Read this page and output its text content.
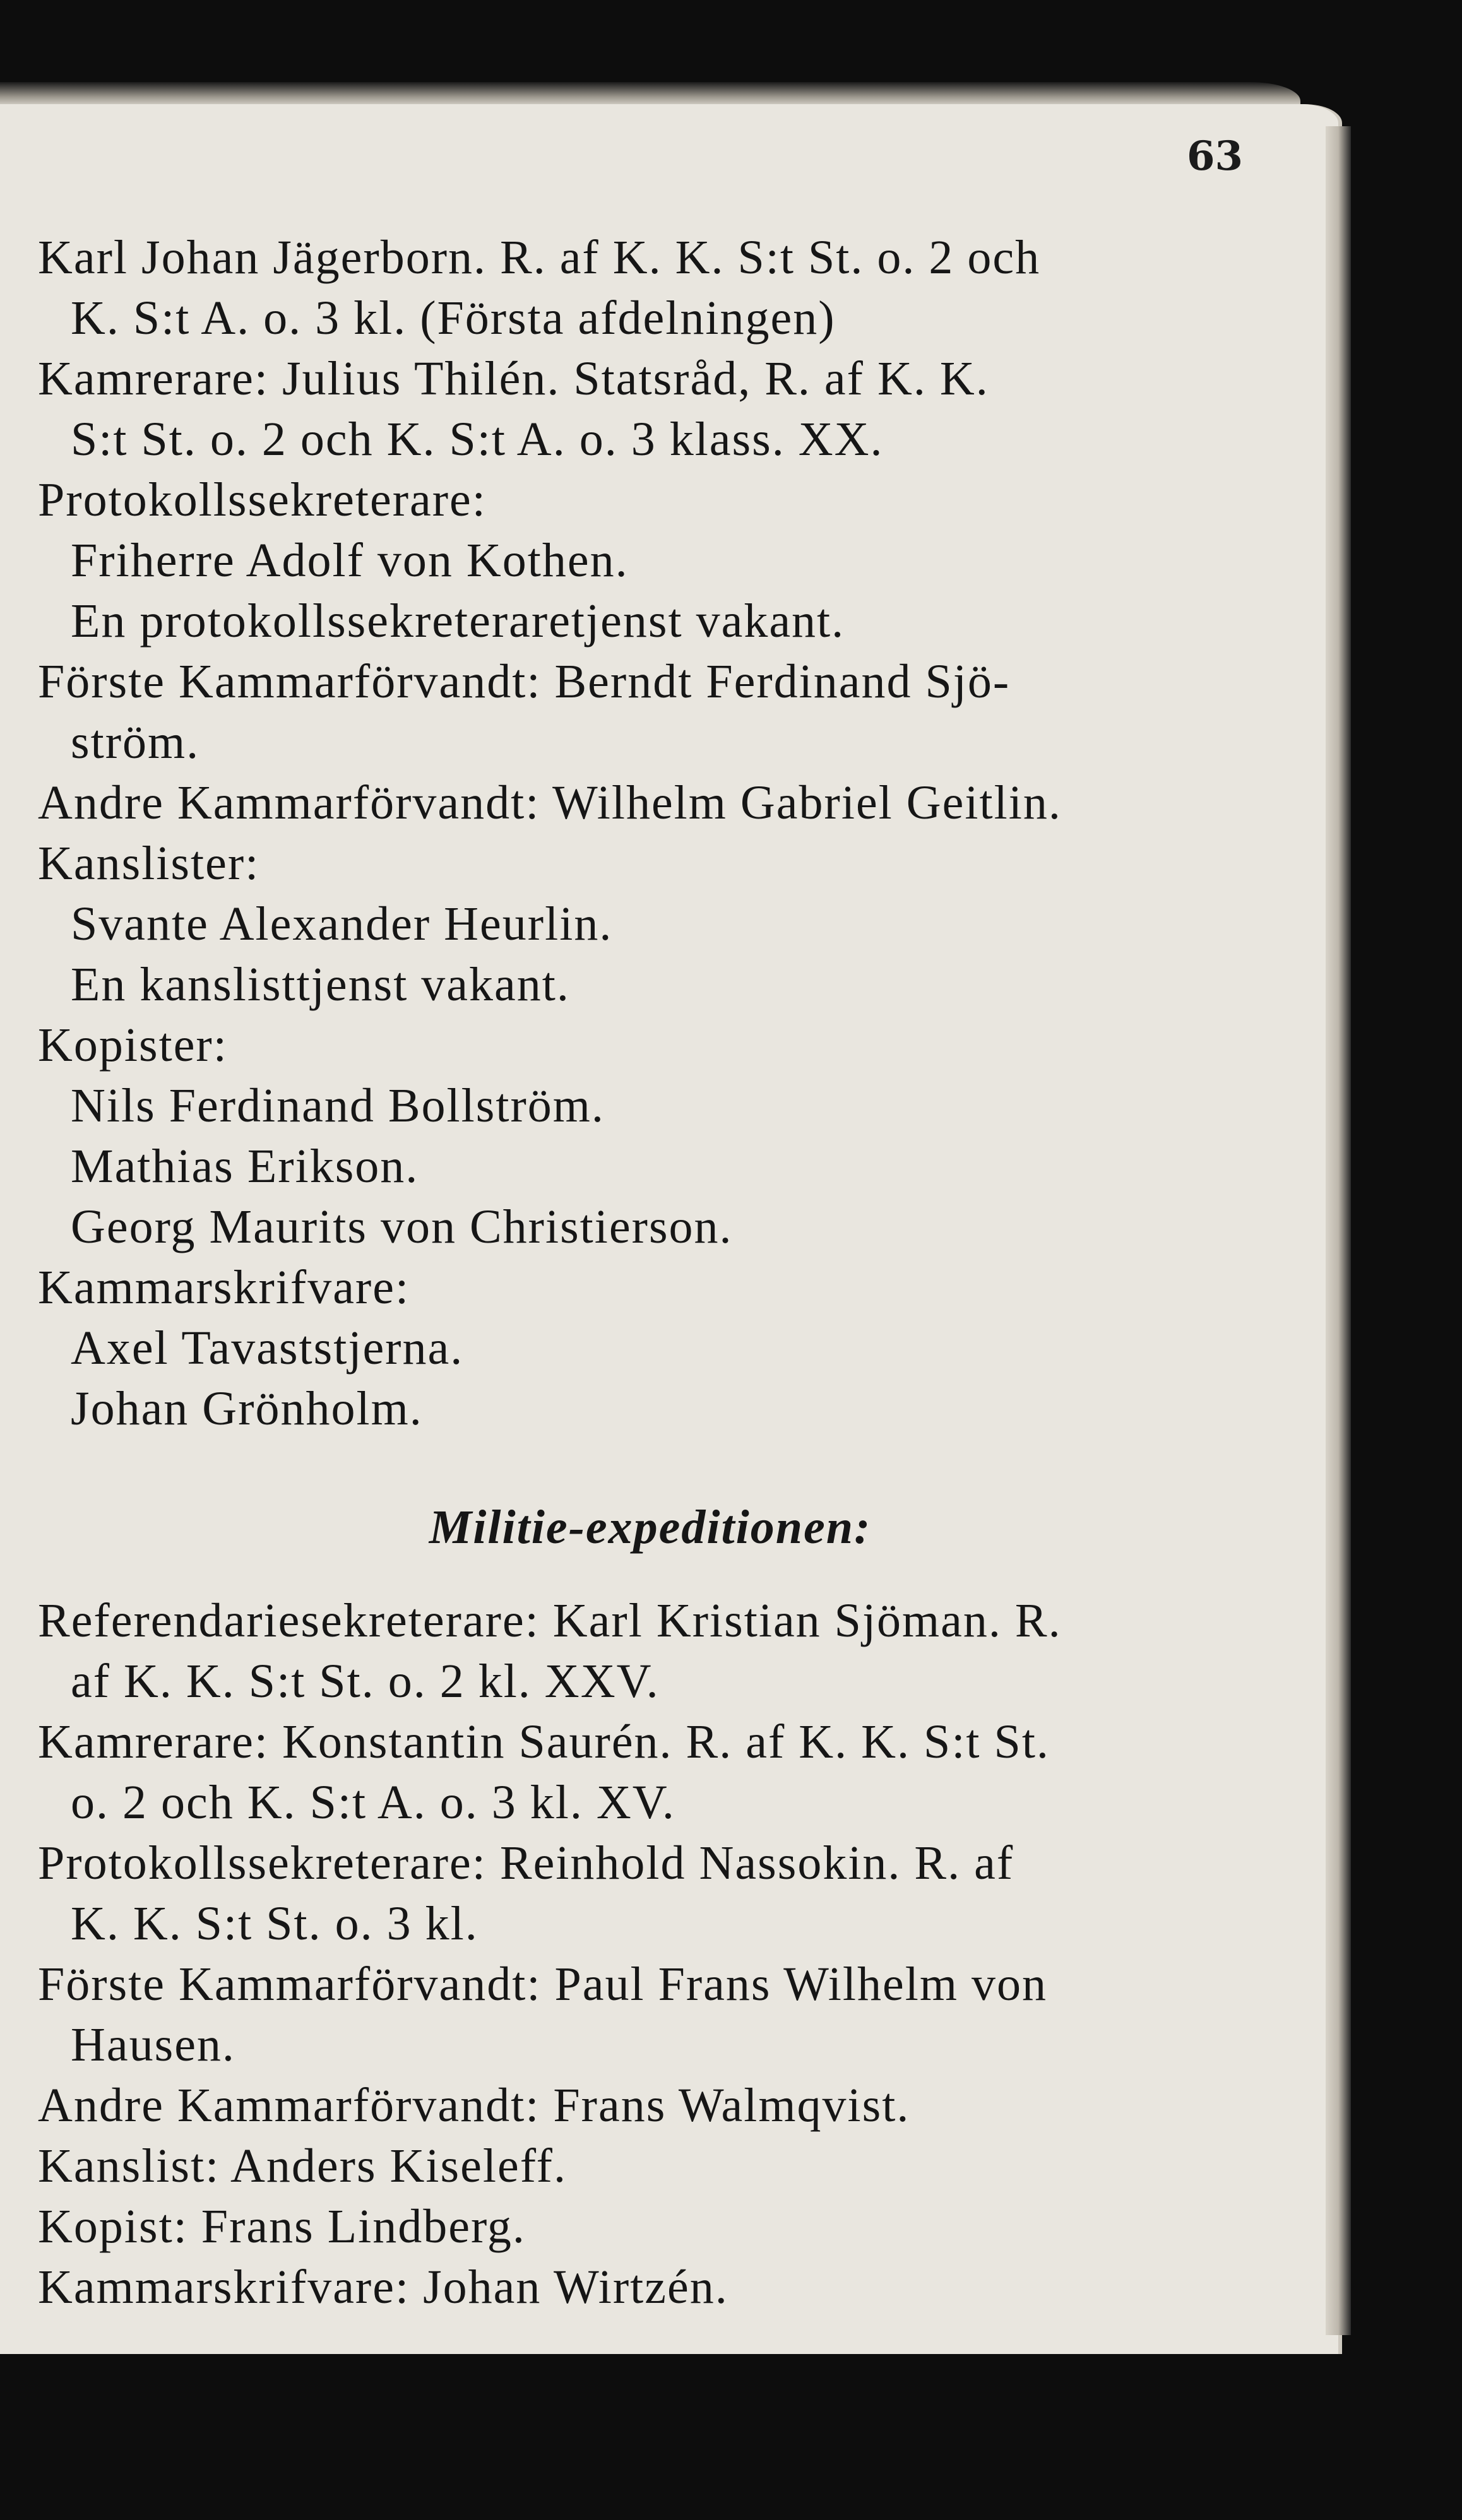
63
Karl Johan Jägerborn. R. af K. K. S:t St. o. 2 och
K. S:t A. o. 3 kl. (Första afdelningen)
Kamrerare: Julius Thilén. Statsråd, R. af K. K.
S:t St. o. 2 och K. S:t A. o. 3 klass. XX.
Protokollssekreterare:
Friherre Adolf von Kothen.
En protokollssekreteraretjenst vakant.
Förste Kammarförvandt: Berndt Ferdinand Sjö-
ström.
Andre Kammarförvandt: Wilhelm Gabriel Geitlin.
Kanslister:
Svante Alexander Heurlin.
En kanslisttjenst vakant.
Kopister:
Nils Ferdinand Bollström.
Mathias Erikson.
Georg Maurits von Christierson.
Kammarskrifvare:
Axel Tavaststjerna.
Johan Grönholm.
Militie-expeditionen:
Referendariesekreterare: Karl Kristian Sjöman. R.
af K. K. S:t St. o. 2 kl. XXV.
Kamrerare: Konstantin Saurén. R. af K. K. S:t St.
o. 2 och K. S:t A. o. 3 kl. XV.
Protokollssekreterare: Reinhold Nassokin. R. af
K. K. S:t St. o. 3 kl.
Förste Kammarförvandt: Paul Frans Wilhelm von
Hausen.
Andre Kammarförvandt: Frans Walmqvist.
Kanslist: Anders Kiseleff.
Kopist: Frans Lindberg.
Kammarskrifvare: Johan Wirtzén.
